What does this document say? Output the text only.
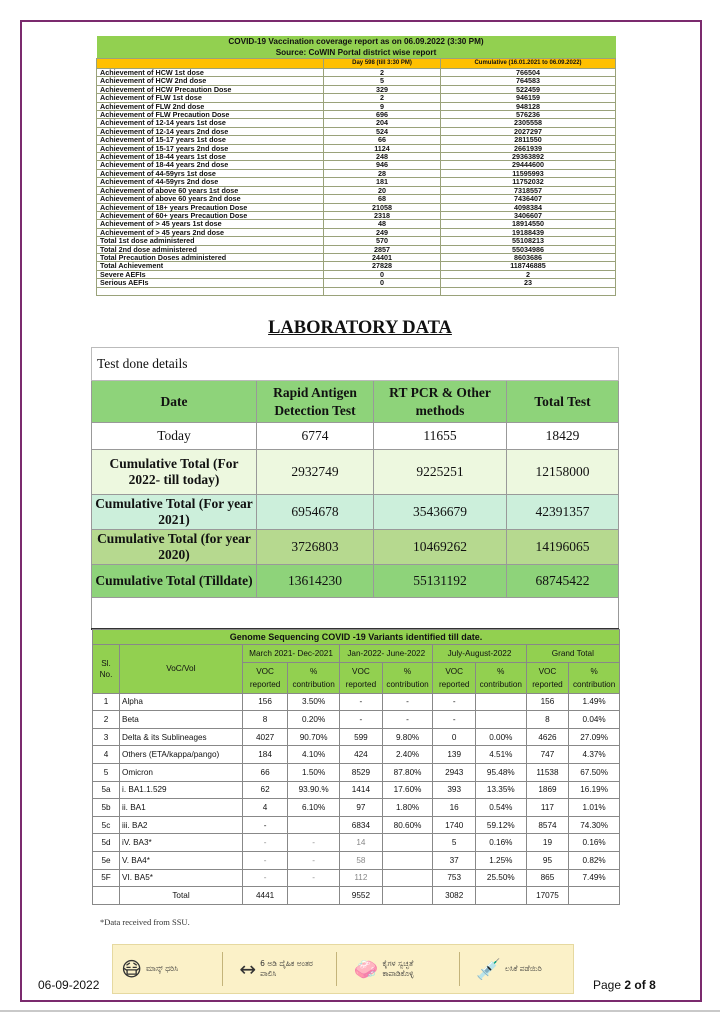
COVID-19 Vaccination coverage report as on 06.09.2022 (3:30 PM)		
Source: CoWIN Portal district wise report		
	Day 598 (till 3:30 PM)	Cumulative (16.01.2021 to 06.09.2022)
Achievement of HCW 1st dose	2	766504
Achievement of HCW 2nd dose	5	764583
Achievement of HCW Precaution Dose	329	522459
Achievement of FLW 1st dose	2	946159
Achievement of FLW 2nd dose	9	948128
Achievement of FLW Precaution Dose	696	576236
Achievement of 12-14 years 1st dose	204	2305558
Achievement of 12-14 years 2nd dose	524	2027297
Achievement of 15-17 years 1st dose	66	2811550
Achievement of 15-17 years 2nd dose	1124	2661939
Achievement of 18-44 years 1st dose	248	29363892
Achievement of 18-44 years 2nd dose	946	29444600
Achievement of 44-59yrs 1st dose	28	11595993
Achievement of 44-59yrs 2nd dose	181	11752032
Achievement of above 60 years 1st dose	20	7318557
Achievement of above 60 years 2nd dose	68	7436407
Achievement of 18+ years Precaution Dose	21058	4098384
Achievement of 60+ years Precaution Dose	2318	3406607
Achievement of > 45 years 1st dose	48	18914550
Achievement of > 45 years 2nd dose	249	19188439
Total 1st dose administered	570	55108213
Total 2nd dose administered	2857	55034986
Total Precaution Doses administered	24401	8603686
Total Achievement	27828	118746885
Severe AEFIs	0	2
Serious AEFIs	0	23

LABORATORY DATA
Test done details			
Date	Rapid Antigen Detection Test	RT PCR & Other methods	Total Test
Today	6774	11655	18429
Cumulative Total (For 2022- till today)	2932749	9225251	12158000
Cumulative Total (For year 2021)	6954678	35436679	42391357
Cumulative Total (for year 2020)	3726803	10469262	14196065
Cumulative Total (Tilldate)	13614230	55131192	68745422

Genome Sequencing COVID -19 Variants identified till date.									
Sl. No.	VoC/VoI	March 2021- Dec-2021		Jan-2022- June-2022		July-August-2022		Grand Total	
		VOC reported	% contribution	VOC reported	% contribution	VOC reported	% contribution	VOC reported	% contribution
1	Alpha	156	3.50%	-	-	-		156	1.49%
2	Beta	8	0.20%	-	-	-		8	0.04%
3	Delta & its Sublineages	4027	90.70%	599	9.80%	0	0.00%	4626	27.09%
4	Others (ETA/kappa/pango)	184	4.10%	424	2.40%	139	4.51%	747	4.37%
5	Omicron	66	1.50%	8529	87.80%	2943	95.48%	11538	67.50%
5a	i. BA1.1.529	62	93.90.%	1414	17.60%	393	13.35%	1869	16.19%
5b	ii. BA1	4	6.10%	97	1.80%	16	0.54%	117	1.01%
5c	iii. BA2	-		6834	80.60%	1740	59.12%	8574	74.30%
5d	iV. BA3*	-	-	14		5	0.16%	19	0.16%
5e	V. BA4*	-	-	58		37	1.25%	95	0.82%
5F	VI. BA5*	-	-	112		753	25.50%	865	7.49%
	Total	4441		9552		3082		17075	
*Data received from SSU.
😷 ಮಾಸ್ಕ್ ಧರಿಸಿ	↔ 6 ಅಡಿ ದೈಹಿಕ ಅಂತರ ಪಾಲಿಸಿ	🧼 ಕೈಗಳ ಸ್ವಚ್ಛತೆ ಕಾಪಾಡಿಕೊಳ್ಳಿ	💉 ಲಸಿಕೆ ಪಡೆಯಿರಿ
06-09-2022	Page 2 of 8
